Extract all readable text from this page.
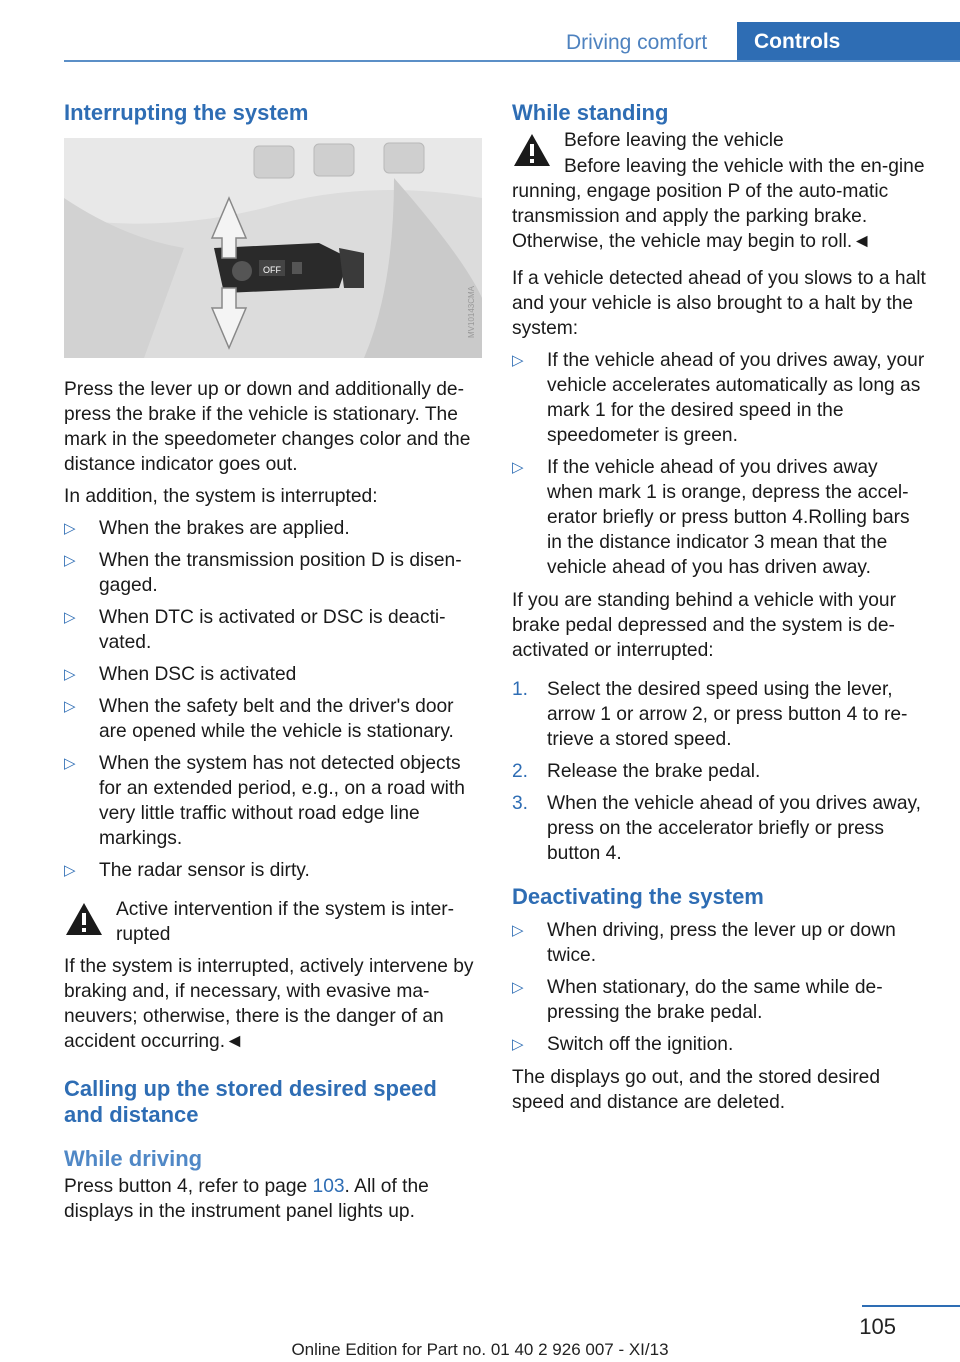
Driving comfort	Controls
Interrupting the system
OFF
MV10143CMA

Press the lever up or down and additionally de-press the brake if the vehicle is stationary. The mark in the speedometer changes color and the distance indicator goes out.

In addition, the system is interrupted:

▷ When the brakes are applied.
▷ When the transmission position D is disen-gaged.
▷ When DTC is activated or DSC is deacti-vated.
▷ When DSC is activated
▷ When the safety belt and the driver's door are opened while the vehicle is stationary.
▷ When the system has not detected objects for an extended period, e.g., on a road with very little traffic without road edge line markings.
▷ The radar sensor is dirty.

Active intervention if the system is inter-rupted

If the system is interrupted, actively intervene by braking and, if necessary, with evasive ma-neuvers; otherwise, there is the danger of an accident occurring.◄

Calling up the stored desired speed and distance
While driving

Press button 4, refer to page 103. All of the displays in the instrument panel lights up.

While standing

Before leaving the vehicle

Before leaving the vehicle with the en-gine running, engage position P of the auto-matic transmission and apply the parking brake. Otherwise, the vehicle may begin to roll.◄

If a vehicle detected ahead of you slows to a halt and your vehicle is also brought to a halt by the system:

▷ If the vehicle ahead of you drives away, your vehicle accelerates automatically as long as mark 1 for the desired speed in the speedometer is green.
▷ If the vehicle ahead of you drives away when mark 1 is orange, depress the accel-erator briefly or press button 4.Rolling bars in the distance indicator 3 mean that the vehicle ahead of you has driven away.

If you are standing behind a vehicle with your brake pedal depressed and the system is de-activated or interrupted:

1. Select the desired speed using the lever, arrow 1 or arrow 2, or press button 4 to re-trieve a stored speed.
2. Release the brake pedal.
3. When the vehicle ahead of you drives away, press on the accelerator briefly or press button 4.
Deactivating the system
▷ When driving, press the lever up or down twice.
▷ When stationary, do the same while de-pressing the brake pedal.
▷ Switch off the ignition.

The displays go out, and the stored desired speed and distance are deleted.

105
Online Edition for Part no. 01 40 2 926 007 - XI/13
